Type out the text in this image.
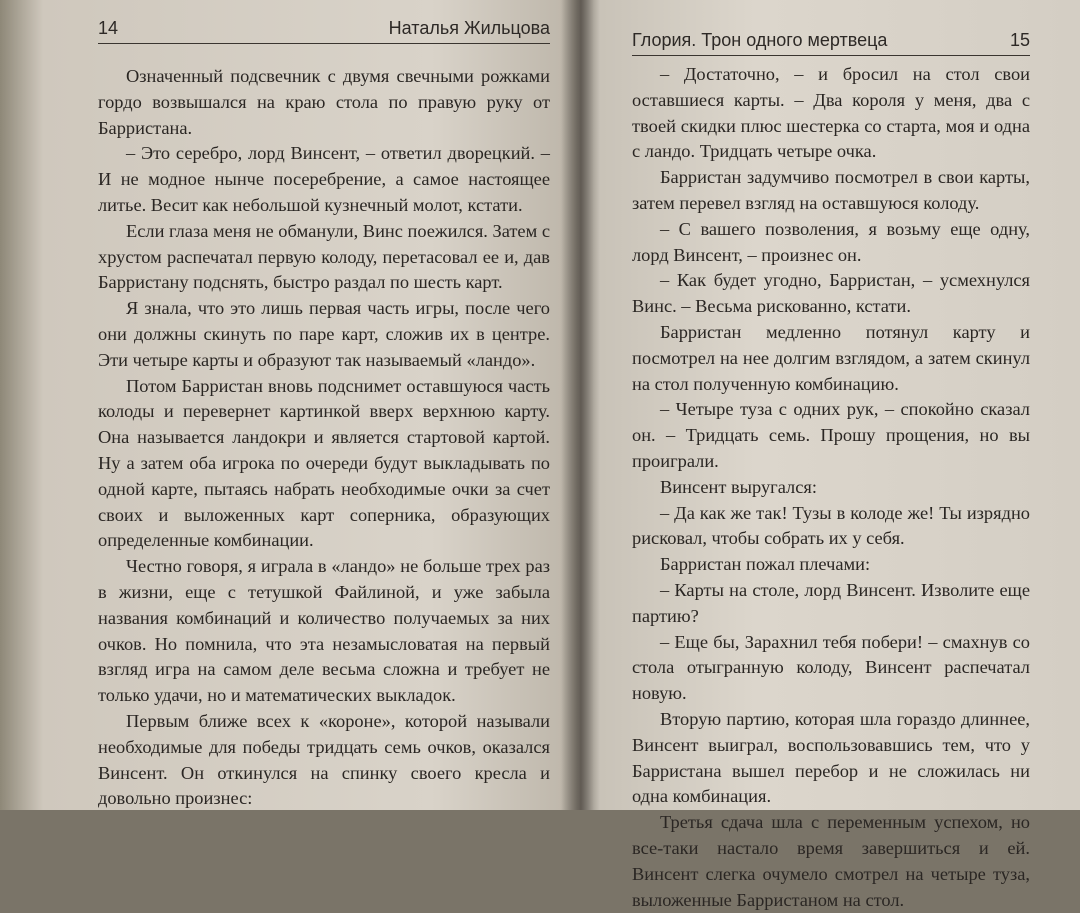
14	Наталья Жильцова

Означенный подсвечник с двумя свечными рожками гордо возвышался на краю стола по правую руку от Барристана.

– Это серебро, лорд Винсент, – ответил дворецкий. – И не модное нынче посеребрение, а самое настоящее литье. Весит как небольшой кузнечный молот, кстати.

Если глаза меня не обманули, Винс поежился. Затем с хрустом распечатал первую колоду, перетасовал ее и, дав Барристану подснять, быстро раздал по шесть карт.

Я знала, что это лишь первая часть игры, после чего они должны скинуть по паре карт, сложив их в центре. Эти четыре карты и образуют так называемый «ландо».

Потом Барристан вновь подснимет оставшуюся часть колоды и перевернет картинкой вверх верхнюю карту. Она называется ландокри и является стартовой картой. Ну а затем оба игрока по очереди будут выкладывать по одной карте, пытаясь набрать необходимые очки за счет своих и выложенных карт соперника, образующих определенные комбинации.

Честно говоря, я играла в «ландо» не больше трех раз в жизни, еще с тетушкой Файлиной, и уже забыла названия комбинаций и количество получаемых за них очков. Но помнила, что эта незамысловатая на первый взгляд игра на самом деле весьма сложна и требует не только удачи, но и математических выкладок.

Первым ближе всех к «короне», которой называли необходимые для победы тридцать семь очков, оказался Винсент. Он откинулся на спинку своего кресла и довольно произнес:

Глория. Трон одного мертвеца	15

– Достаточно, – и бросил на стол свои оставшиеся карты. – Два короля у меня, два с твоей скидки плюс шестерка со старта, моя и одна с ландо. Тридцать четыре очка.

Барристан задумчиво посмотрел в свои карты, затем перевел взгляд на оставшуюся колоду.

– С вашего позволения, я возьму еще одну, лорд Винсент, – произнес он.

– Как будет угодно, Барристан, – усмехнулся Винс. – Весьма рискованно, кстати.

Барристан медленно потянул карту и посмотрел на нее долгим взглядом, а затем скинул на стол полученную комбинацию.

– Четыре туза с одних рук, – спокойно сказал он. – Тридцать семь. Прошу прощения, но вы проиграли.

Винсент выругался:

– Да как же так! Тузы в колоде же! Ты изрядно рисковал, чтобы собрать их у себя.

Барристан пожал плечами:

– Карты на столе, лорд Винсент. Изволите еще партию?

– Еще бы, Зарахнил тебя побери! – смахнув со стола отыгранную колоду, Винсент распечатал новую.

Вторую партию, которая шла гораздо длиннее, Винсент выиграл, воспользовавшись тем, что у Барристана вышел перебор и не сложилась ни одна комбинация.

Третья сдача шла с переменным успехом, но все-таки настало время завершиться и ей. Винсент слегка очумело смотрел на четыре туза, выложенные Барристаном на стол.
